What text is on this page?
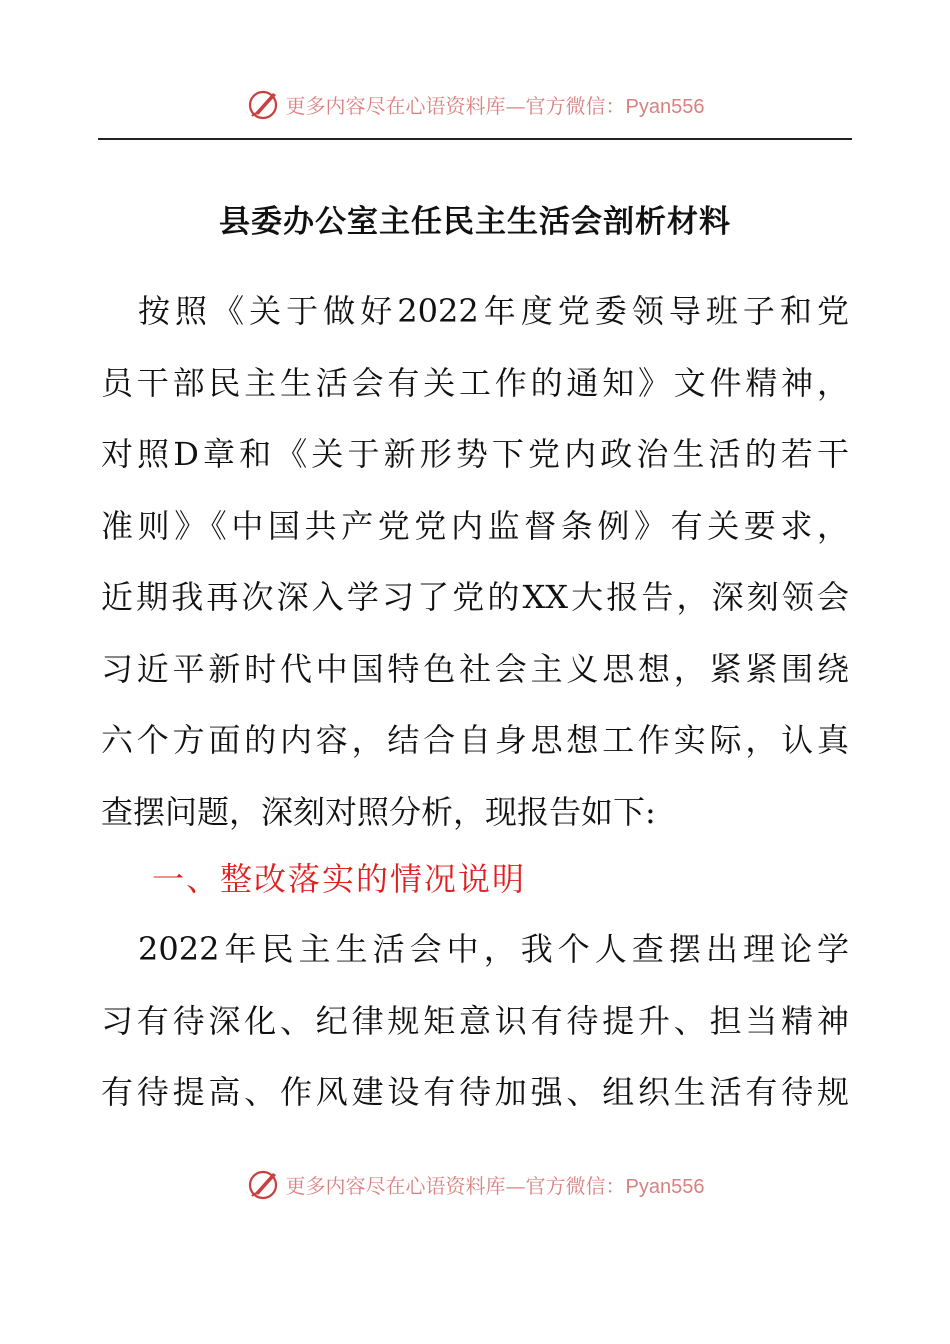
更多内容尽在心语资料库—官方微信：Pyan556
县委办公室主任民主生活会剖析材料
　按照《关于做好2022年度党委领导班子和党
员干部民主生活会有关工作的通知》文件精神，
对照D章和《关于新形势下党内政治生活的若干
准则》《中国共产党党内监督条例》有关要求，
近期我再次深入学习了党的XX大报告，深刻领会
习近平新时代中国特色社会主义思想，紧紧围绕
六个方面的内容，结合自身思想工作实际，认真
查摆问题，深刻对照分析，现报告如下:
一、整改落实的情况说明
　2022年民主生活会中，我个人查摆出理论学
习有待深化、纪律规矩意识有待提升、担当精神
有待提高、作风建设有待加强、组织生活有待规
更多内容尽在心语资料库—官方微信：Pyan556
